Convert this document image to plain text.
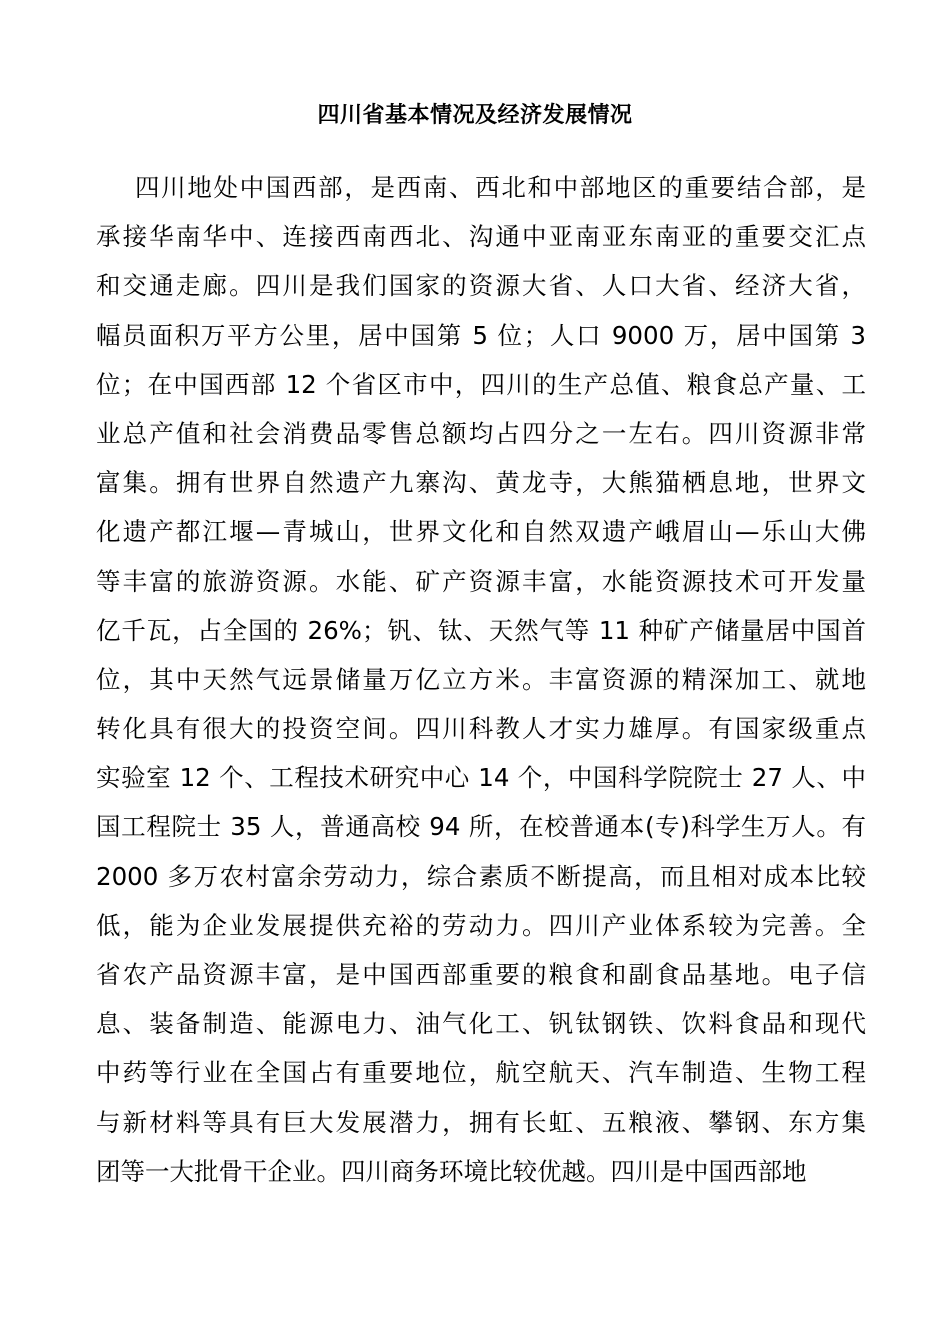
四川省基本情况及经济发展情况
四川地处中国西部，是西南、西北和中部地区的重要结合部，是
承接华南华中、连接西南西北、沟通中亚南亚东南亚的重要交汇点
和交通走廊。四川是我们国家的资源大省、人口大省、经济大省，
幅员面积万平方公里，居中国第 5 位；人口 9000 万，居中国第 3
位；在中国西部 12 个省区市中，四川的生产总值、粮食总产量、工
业总产值和社会消费品零售总额均占四分之一左右。四川资源非常
富集。拥有世界自然遗产九寨沟、黄龙寺，大熊猫栖息地，世界文
化遗产都江堰—青城山，世界文化和自然双遗产峨眉山—乐山大佛
等丰富的旅游资源。水能、矿产资源丰富，水能资源技术可开发量
亿千瓦，占全国的 26%；钒、钛、天然气等 11 种矿产储量居中国首
位，其中天然气远景储量万亿立方米。丰富资源的精深加工、就地
转化具有很大的投资空间。四川科教人才实力雄厚。有国家级重点
实验室 12 个、工程技术研究中心 14 个，中国科学院院士 27 人、中
国工程院士 35 人，普通高校 94 所，在校普通本(专)科学生万人。有
2000 多万农村富余劳动力，综合素质不断提高，而且相对成本比较
低，能为企业发展提供充裕的劳动力。四川产业体系较为完善。全
省农产品资源丰富，是中国西部重要的粮食和副食品基地。电子信
息、装备制造、能源电力、油气化工、钒钛钢铁、饮料食品和现代
中药等行业在全国占有重要地位，航空航天、汽车制造、生物工程
与新材料等具有巨大发展潜力，拥有长虹、五粮液、攀钢、东方集
团等一大批骨干企业。四川商务环境比较优越。四川是中国西部地
